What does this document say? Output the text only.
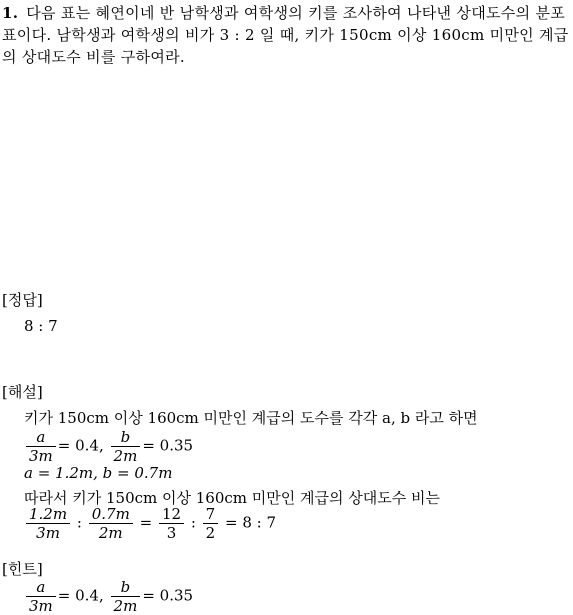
1. 다음 표는 혜연이네 반 남학생과 여학생의 키를 조사하여 나타낸 상대도수의 분포표이다. 남학생과 여학생의 비가 3 : 2 일 때, 키가 150cm 이상 160cm 미만인 계급의 상대도수 비를 구하여라.

[정답]
8 : 7
[해설]
키가 150cm 이상 160cm 미만인 계급의 도수를 각각 a, b 라고 하면
$\frac{a}{3m} = 0.4$, $\frac{b}{2m} = 0.35$
a = 1.2m, b = 0.7m
따라서 키가 150cm 이상 160cm 미만인 계급의 상대도수 비는
$\frac{1.2m}{3m}$ : $\frac{0.7m}{2m} = \frac{12}{3}$ : $\frac{7}{2} = 8$ : 7
[힌트]
$\frac{a}{3m} = 0.4$, $\frac{b}{2m} = 0.35$
